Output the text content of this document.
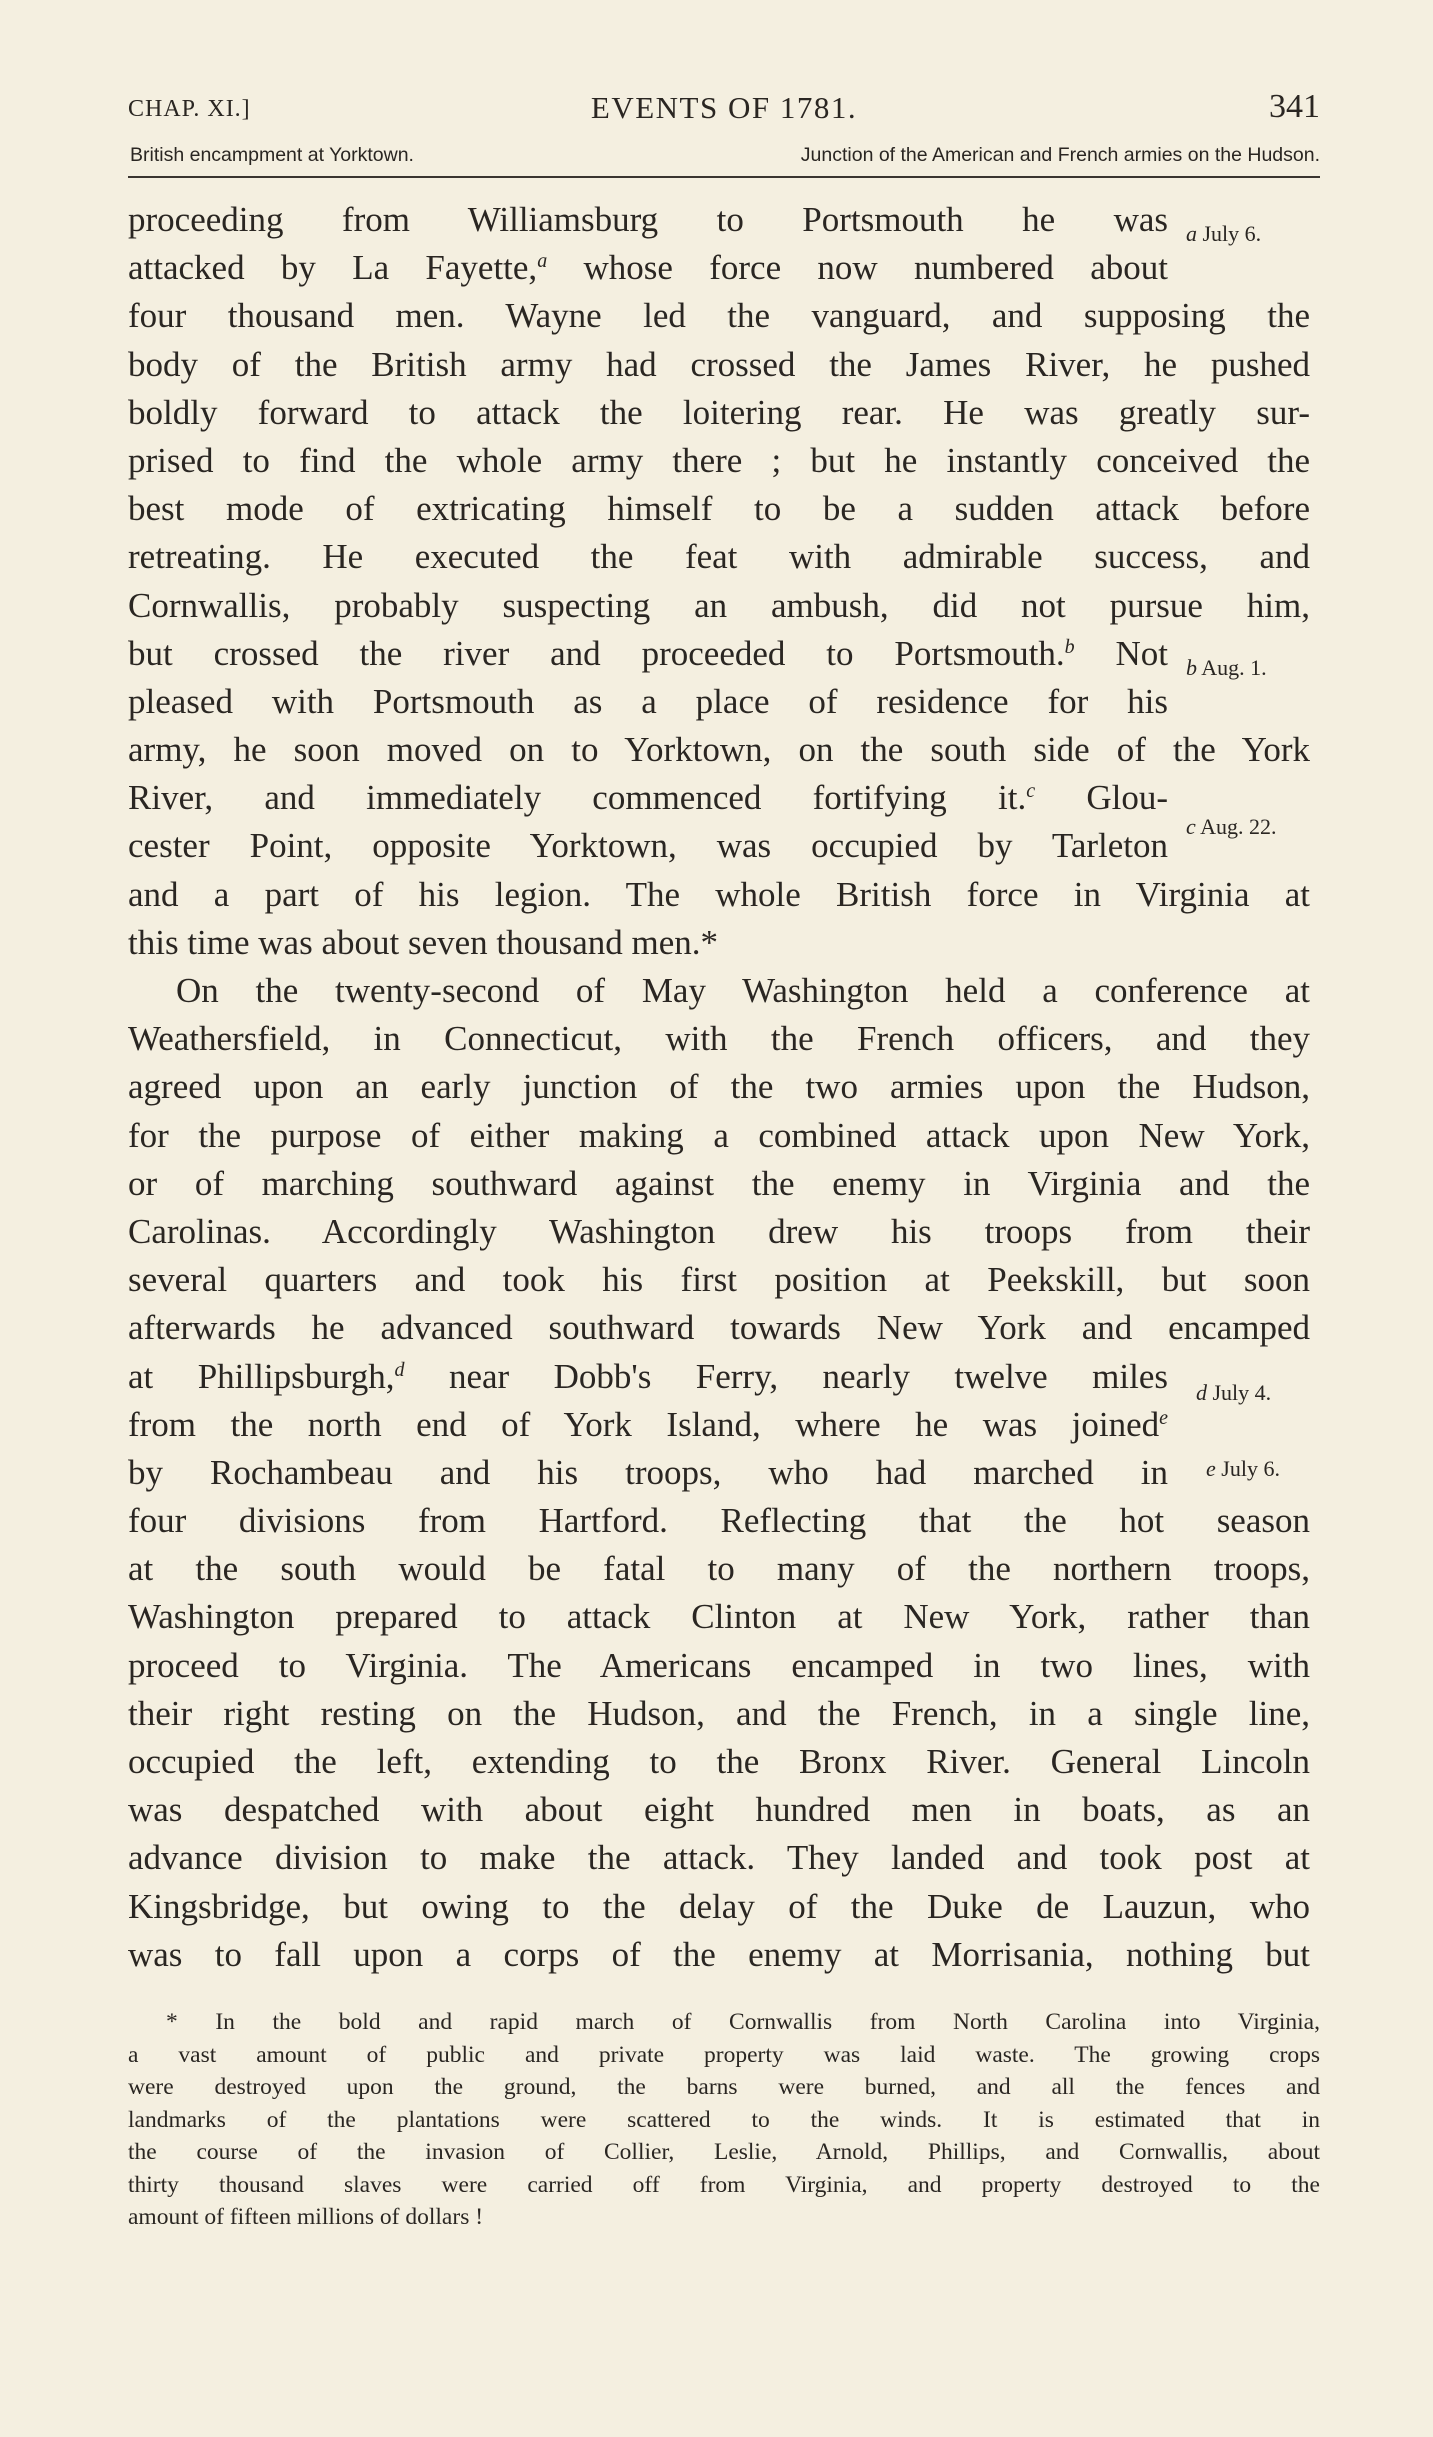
CHAP. XI.]	EVENTS OF 1781.	341
British encampment at Yorktown.	Junction of the American and French armies on the Hudson.
proceeding from Williamsburg to Portsmouth he was
attacked by La Fayette,$^a$ whose force now numbered about
four thousand men. Wayne led the vanguard, and supposing the
body of the British army had crossed the James River, he pushed
boldly forward to attack the loitering rear. He was greatly sur-
prised to find the whole army there ; but he instantly conceived the
best mode of extricating himself to be a sudden attack before
retreating. He executed the feat with admirable success, and
Cornwallis, probably suspecting an ambush, did not pursue him,
but crossed the river and proceeded to Portsmouth.$^b$ Not
pleased with Portsmouth as a place of residence for his
army, he soon moved on to Yorktown, on the south side of the York
River, and immediately commenced fortifying it.$^c$ Glou-
cester Point, opposite Yorktown, was occupied by Tarleton
and a part of his legion. The whole British force in Virginia at
this time was about seven thousand men.*
On the twenty-second of May Washington held a conference at
Weathersfield, in Connecticut, with the French officers, and they
agreed upon an early junction of the two armies upon the Hudson,
for the purpose of either making a combined attack upon New York,
or of marching southward against the enemy in Virginia and the
Carolinas. Accordingly Washington drew his troops from their
several quarters and took his first position at Peekskill, but soon
afterwards he advanced southward towards New York and encamped
at Phillipsburgh,$^d$ near Dobb's Ferry, nearly twelve miles
from the north end of York Island, where he was joined$^e$
by Rochambeau and his troops, who had marched in
four divisions from Hartford. Reflecting that the hot season
at the south would be fatal to many of the northern troops,
Washington prepared to attack Clinton at New York, rather than
proceed to Virginia. The Americans encamped in two lines, with
their right resting on the Hudson, and the French, in a single line,
occupied the left, extending to the Bronx River. General Lincoln
was despatched with about eight hundred men in boats, as an
advance division to make the attack. They landed and took post at
Kingsbridge, but owing to the delay of the Duke de Lauzun, who
was to fall upon a corps of the enemy at Morrisania, nothing but
a July 6.
b Aug. 1.
c Aug. 22.
d July 4.
e July 6.
* In the bold and rapid march of Cornwallis from North Carolina into Virginia,
a vast amount of public and private property was laid waste. The growing crops
were destroyed upon the ground, the barns were burned, and all the fences and
landmarks of the plantations were scattered to the winds. It is estimated that in
the course of the invasion of Collier, Leslie, Arnold, Phillips, and Cornwallis, about
thirty thousand slaves were carried off from Virginia, and property destroyed to the
amount of fifteen millions of dollars !
